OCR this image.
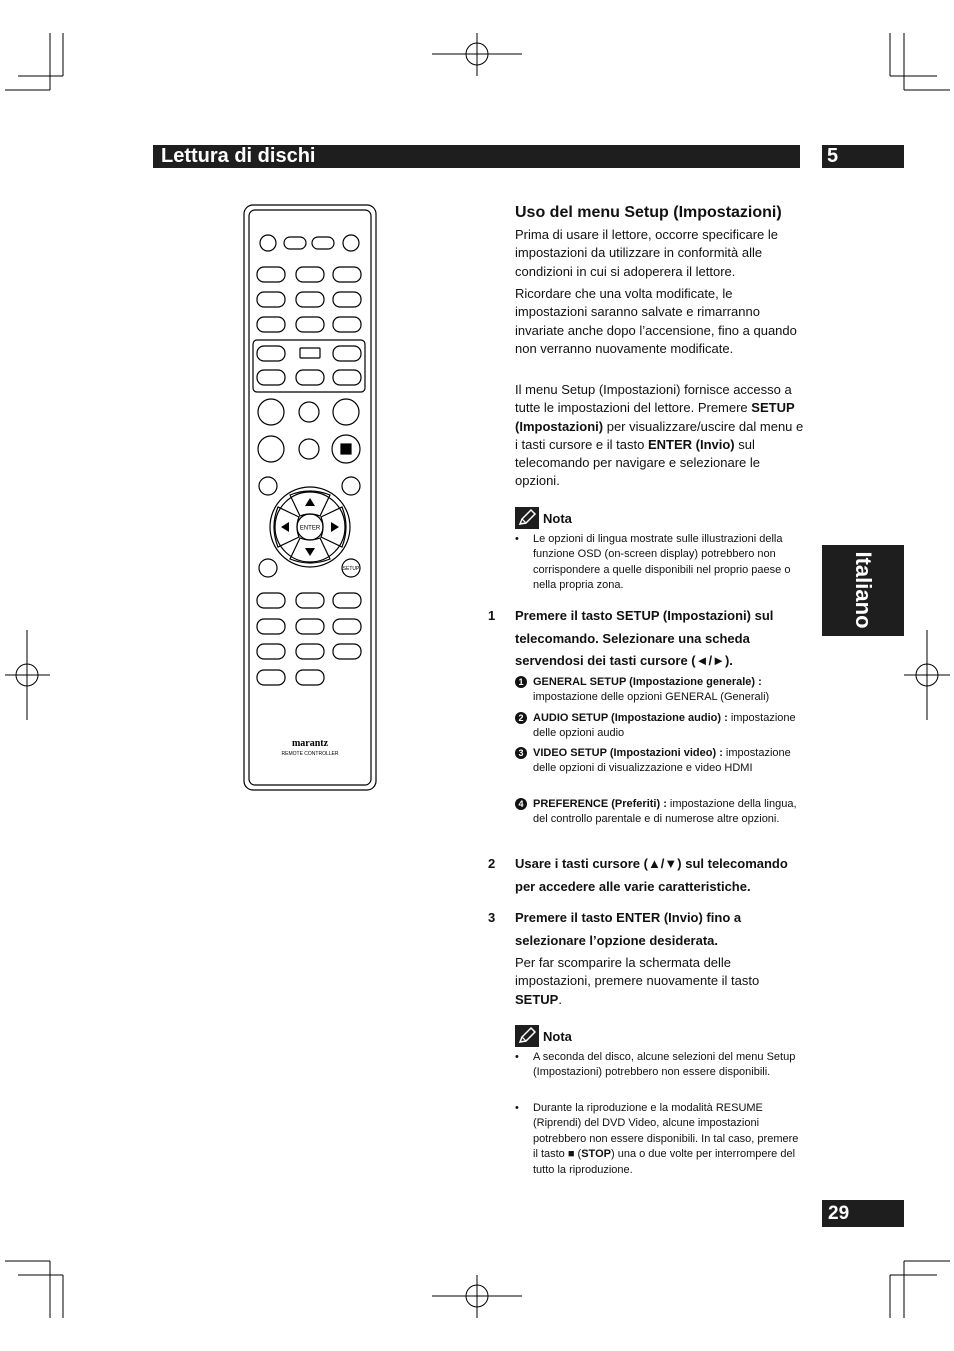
Lettura di dischi	5
Italiano
29
ENTER
SETUP
marantz
REMOTE CONTROLLER
Uso del menu Setup (Impostazioni)

Prima di usare il lettore, occorre specificare le impostazioni da utilizzare in conformità alle condizioni in cui si adoperera il lettore.

Ricordare che una volta modificate, le impostazioni saranno salvate e rimarranno invariate anche dopo l’accensione, fino a quando non verranno nuovamente modificate.

Il menu Setup (Impostazioni) fornisce accesso a tutte le impostazioni del lettore. Premere SETUP (Impostazioni) per visualizzare/uscire dal menu e i tasti cursore e il tasto ENTER (Invio) sul telecomando per navigare e selezionare le opzioni.

Nota
• Le opzioni di lingua mostrate sulle illustrazioni della funzione OSD (on-screen display) potrebbero non corrispondere a quelle disponibili nel proprio paese o nella propria zona.
1 Premere il tasto SETUP (Impostazioni) sul telecomando. Selezionare una scheda servendosi dei tasti cursore (◄/►).
1 GENERAL SETUP (Impostazione generale) : impostazione delle opzioni GENERAL (Generali)
2 AUDIO SETUP (Impostazione audio) : impostazione delle opzioni audio
3 VIDEO SETUP (Impostazioni video) : impostazione delle opzioni di visualizzazione e video HDMI
4 PREFERENCE (Preferiti) : impostazione della lingua, del controllo parentale e di numerose altre opzioni.
2 Usare i tasti cursore (▲/▼) sul telecomando per accedere alle varie caratteristiche.
3 Premere il tasto ENTER (Invio) fino a selezionare l’opzione desiderata.

Per far scomparire la schermata delle impostazioni, premere nuovamente il tasto SETUP.

Nota
• A seconda del disco, alcune selezioni del menu Setup (Impostazioni) potrebbero non essere disponibili.
• Durante la riproduzione e la modalità RESUME (Riprendi) del DVD Video, alcune impostazioni potrebbero non essere disponibili. In tal caso, premere il tasto ■ (STOP) una o due volte per interrompere del tutto la riproduzione.
